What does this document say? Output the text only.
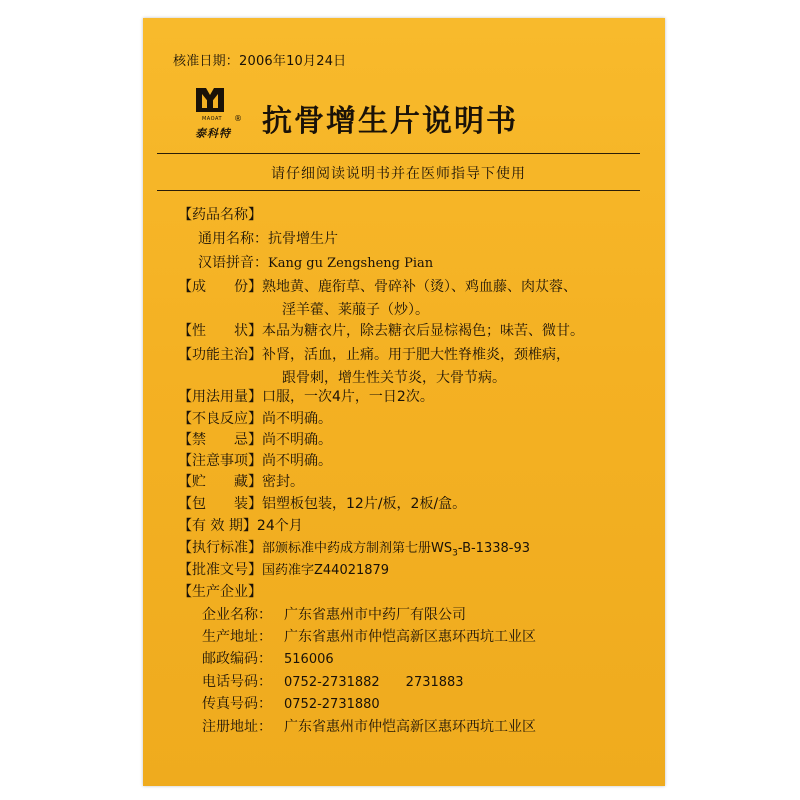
核准日期：2006年10月24日
®
MAOAT
泰科特 抗骨增生片说明书
请仔细阅读说明书并在医师指导下使用
【药品名称】
通用名称：抗骨增生片
汉语拼音：Kang gu Zengsheng Pian
【成　　份】熟地黄、鹿衔草、骨碎补（烫）、鸡血藤、肉苁蓉、
淫羊藿、莱菔子（炒）。
【性　　状】本品为糖衣片，除去糖衣后显棕褐色；味苦、微甘。
【功能主治】补肾，活血，止痛。用于肥大性脊椎炎，颈椎病，
跟骨刺，增生性关节炎，大骨节病。
【用法用量】口服，一次4片，一日2次。
【不良反应】尚不明确。
【禁　　忌】尚不明确。
【注意事项】尚不明确。
【贮　　藏】密封。
【包　　装】铝塑板包装，12片/板，2板/盒。
【有 效 期】24个月
【执行标准】部颁标准中药成方制剂第七册$WS_3-B-1338-93$
【批准文号】国药准字Z44021879
【生产企业】
企业名称： 广东省惠州市中药厂有限公司
生产地址： 广东省惠州市仲恺高新区惠环西坑工业区
邮政编码： 516006
电话号码： 0752-2731882　　2731883
传真号码： 0752-2731880
注册地址： 广东省惠州市仲恺高新区惠环西坑工业区
